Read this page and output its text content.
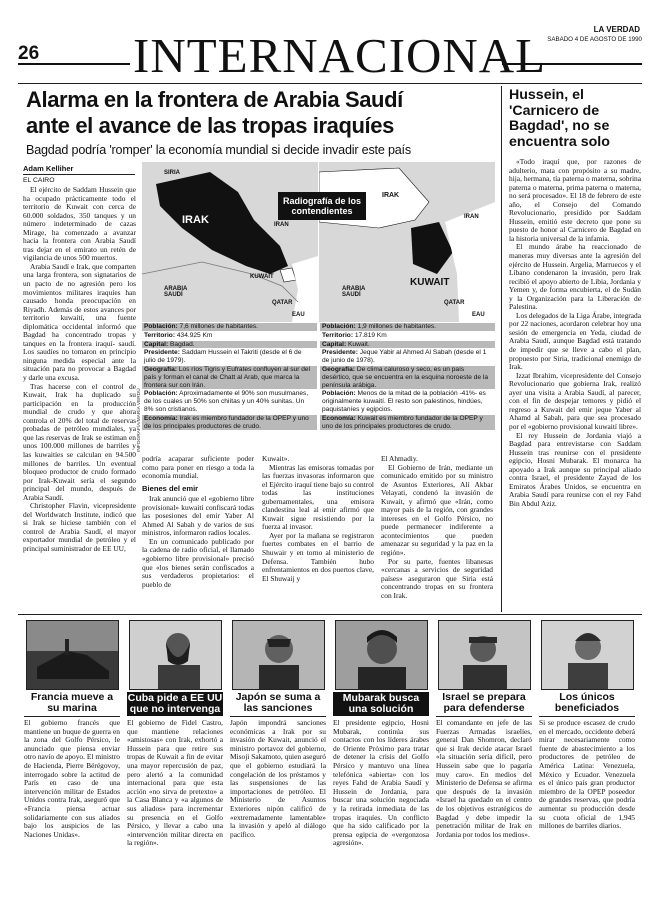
26 INTERNACIONAL	LA VERDAD
SABADO 4 DE AGOSTO DE 1990
Alarma en la frontera de Arabia Saudí
ante el avance de las tropas iraquíes
Bagdad podría 'romper' la economía mundial si decide invadir este país
Adam Kelliher
EL CAIRO

El ejército de Saddam Hussein que ha ocupado prácticamente todo el territorio de Kuwait con cerca de 60.000 soldados, 350 tanques y un número indeterminado de cazas Mirage, ha comenzado a avanzar hacia la frontera con Arabia Saudí tras dejar en el emirato un retén de vigilancia de unos 500 muertos.

Arabia Saudí e Irak, que comparten una larga frontera, son signatarios de un pacto de no agresión pero los movimientos militares iraquíes han causado honda preocupación en Riyadh. Además de estos avances por territorio kuwaití, una fuente diplomática occidental informó que Bagdad ha concentrado tropas y tanques en la frontera iraquí- saudí. Los saudíes no tomaron en principio ninguna medida especial ante la situación para no provocar a Bagdad y darle una excusa.

Tras hacerse con el control de Kuwait, Irak ha duplicado su participación en la producción mundial de crudo y que ahora controla el 20% del total de reservas probadas de petróleo mundiales, ya que las reservas de Irak se estiman en unos 100.000 millones de barriles y las kuwaitíes se calculan en 94.500 millones de barriles. Un eventual bloqueo productor de crudo formado por Irak-Kuwait sería el segundo principal del mundo, después de Arabia Saudí.

Christopher Flavin, vicepresidente del Worldwatch Institute, indicó que si Irak se hiciese también con el control de Arabia Saudí, el mayor exportador mundial de petróleo y el principal suministrador de EE UU,

SIRIA
IRAK	IRAN
KUWAIT
ARABIA SAUDÍ
QATAR
EAU
IRAK
IRAN
KUWAIT
ARABIA SAUDÍ
QATAR
EAU
Radiografía de los contendientes
Población: 7,6 millones de habitantes.
Territorio: 434.925 Km
Capital: Bagdad.
Presidente: Saddam Hussein el Takriti (desde el 6 de julio de 1979).
Geografía: Los ríos Tigris y Eufrates confluyen al sur del país y forman el canal de Chatt al Arab, que marca la frontera sur con Irán.
Población: Aproximadamente el 90% son musulmanes, de los cuales un 50% son chiítas y un 40% sunitas. Un 8% son cristianos.
Economía: Irak es miembro fundador de la OPEP y uno de los principales productores de crudo.
Población: 1,9 millones de habitantes.
Territorio: 17.819 Km
Capital: Kuwait.
Presidente: Jeque Yabir al Ahmed Al Sabah (desde el 1 de junio de 1978).
Geografía: De clima caluroso y seco, es un país desértico, que se encuentra en la esquina noroeste de la península arábiga.
Población: Menos de la mitad de la población -41%- es originalmente kuwaití. El resto son palestinos, hindúes, paquistaníes y egipcios.
Economía: Kuwait es miembro fundador de la OPEP y uno de los principales productores de crudo.
INFOGRAFÍA/MARÍA VERDÚ

podría acaparar suficiente poder como para poner en riesgo a toda la economía mundial.

Bienes del emir

Irak anunció que el «gobierno libre provisional» kuwaití confiscará todas las posesiones del emir Yaber Al Ahmed Al Sabah y de varios de sus ministros, informaron radios locales.

En un comunicado publicado por la cadena de radio oficial, el llamado «gobierno libre provisional» precisó que «los bienes serán confiscados a sus verdaderos propietarios: el pueblo de

Kuwait».

Mientras las emisoras tomadas por las fuerzas invasoras informaron que el Ejército iraquí tiene bajo su control todas las instituciones gubernamentales, una emisora clandestina leal al emir afirmó que Kuwait sigue resistiendo por la fuerza al invasor.

Ayer por la mañana se registraron fuertes combates en el barrio de Shuwair y en torno al ministerio de Defensa. También hubo enfrentamientos en dos puertos clave, El Shuwaij y

El Ahmadiy.

El Gobierno de Irán, mediante un comunicado emitido por su ministro de Asuntos Exteriores, Alí Akbar Velayati, condenó la invasión de Kuwait, y afirmó que «Irán, como mayor país de la región, con grandes intereses en el Golfo Pérsico, no puede permanecer indiferente a acontecimientos que pueden amenazar su seguridad y la paz en la región».

Por su parte, fuentes libanesas «cercanas a servicios de seguridad países» aseguraron que Siria está concentrando tropas en su frontera con Irak.

Hussein, el 'Carnicero de Bagdad', no se encuentra solo

«Todo iraquí que, por razones de adulterio, mata con propósito a su madre, hija, hermana, tía paterna o materna, sobrina paterna o materna, prima paterna o materna, no será procesado». El 18 de febrero de este año, el Consejo del Comando Revolucionario, presidido por Saddam Hussein, emitió este decreto que pone su puesto de honor al Carnicero de Bagdad en la historia universal de la infamia.

El mundo árabe ha reaccionado de maneras muy diversas ante la agresión del ejército de Hussein. Argelia, Marruecos y el Líbano condenaron la invasión, pero Irak recibió el apoyo abierto de Libia, Jordania y Yemen y, de forma encubierta, el de Sudán y la Organización para la Liberación de Palestina.

Los delegados de la Liga Árabe, integrada por 22 naciones, acordaron celebrar hoy una sesión de emergencia en Yeda, ciudad de Arabia Saudí, aunque Bagdad está tratando de impedir que se lleve a cabo el plan, propuesto por Siria, tradicional enemigo de Irak.

Izzat Ibrahim, vicepresidente del Consejo Revolucionario que gobierna Irak, realizó ayer una visita a Arabia Saudí, al parecer, con el fin de despejar temores y pidió el regreso a Kuwait del emir jeque Yaber al Ahamd al Sabah, para que sea procesado por el «gobierno provisional kuwaití libre».

El rey Hussein de Jordania viajó a Bagdad para entrevistarse con Saddam Hussein tras reunirse con el presidente egipcio, Hosni Mubarak. El monarca ha apoyado a Irak aunque su principal aliado contra Israel, el presidente Zayad de los Emiratos Árabes Unidos, se encuentra en Arabia Saudí para reunirse con el rey Fahd Bin Abdul Aziz.

Francia mueve a su marina

El gobierno francés que mantiene un buque de guerra en la zona del Golfo Pérsico, le anunciado que piensa enviar otro navío de apoyo. El ministro de Hacienda, Pierre Bérégovoy, interrogado sobre la actitud de París en caso de una intervención militar de Estados Unidos contra Irak, aseguró que «Francia piensa actuar solidariamente con sus aliados bajo los auspicios de las Naciones Unidas».

Cuba pide a EE UU que no intervenga

El gobierno de Fidel Castro, que mantiene relaciones «amistosas» con Irak, exhortó a Hussein para que retire sus tropas de Kuwait a fin de evitar una mayor repercusión de paz, pero alertó a la comunidad internacional para que esta acción «no sirva de pretexto» a la Casa Blanca y «a algunos de sus aliados» para incrementar su presencia en el Golfo Pérsico, y llevar a cabo una «intervención militar directa en la región».

Japón se suma a las sanciones

Japón impondrá sanciones económicas a Irak por su invasión de Kuwait, anunció el ministro portavoz del gobierno, Misoji Sakamoto, quien aseguró que el gobierno estudiará la congelación de los préstamos y las suspensiones de las importaciones de petróleo. El Ministerio de Asuntos Exteriores nipón calificó de «extremadamente lamentable» la invasión y apeló al diálogo pacífico.

Mubarak busca una solución

El presidente egipcio, Hosni Mubarak, continúa sus contactos con los líderes árabes de Oriente Próximo para tratar de detener la crisis del Golfo Pérsico y mantuvo una línea telefónica «abierta» con los reyes Fahd de Arabia Saudí y Hussein de Jordania, para buscar una solución negociada y la retirada inmediata de las tropas iraquíes. Un conflicto que ha sido calificado por la prensa egipcia de «vergonzosa agresión».

Israel se prepara para defenderse

El comandante en jefe de las Fuerzas Armadas israelíes, general Dan Shomron, declaró que si Irak decide atacar Israel «la situación sería difícil, pero Hussein sabe que lo pagaría muy caro». En medios del Ministerio de Defensa se afirma que después de la invasión «Israel ha quedado en el centro de los objetivos estratégicos de Bagdad y debe impedir la penetración militar de Irak en Jordania por todos los medios».

Los únicos beneficiados

Si se produce escasez de crudo en el mercado, occidente deberá mirar necesariamente como fuente de abastecimiento a los productores de petróleo de América Latina: Venezuela, México y Ecuador. Venezuela es el único país gran productor miembro de la OPEP poseedor de grandes reservas, que podría aumentar su producción desde su cuota oficial de 1,945 millones de barriles diarios.
